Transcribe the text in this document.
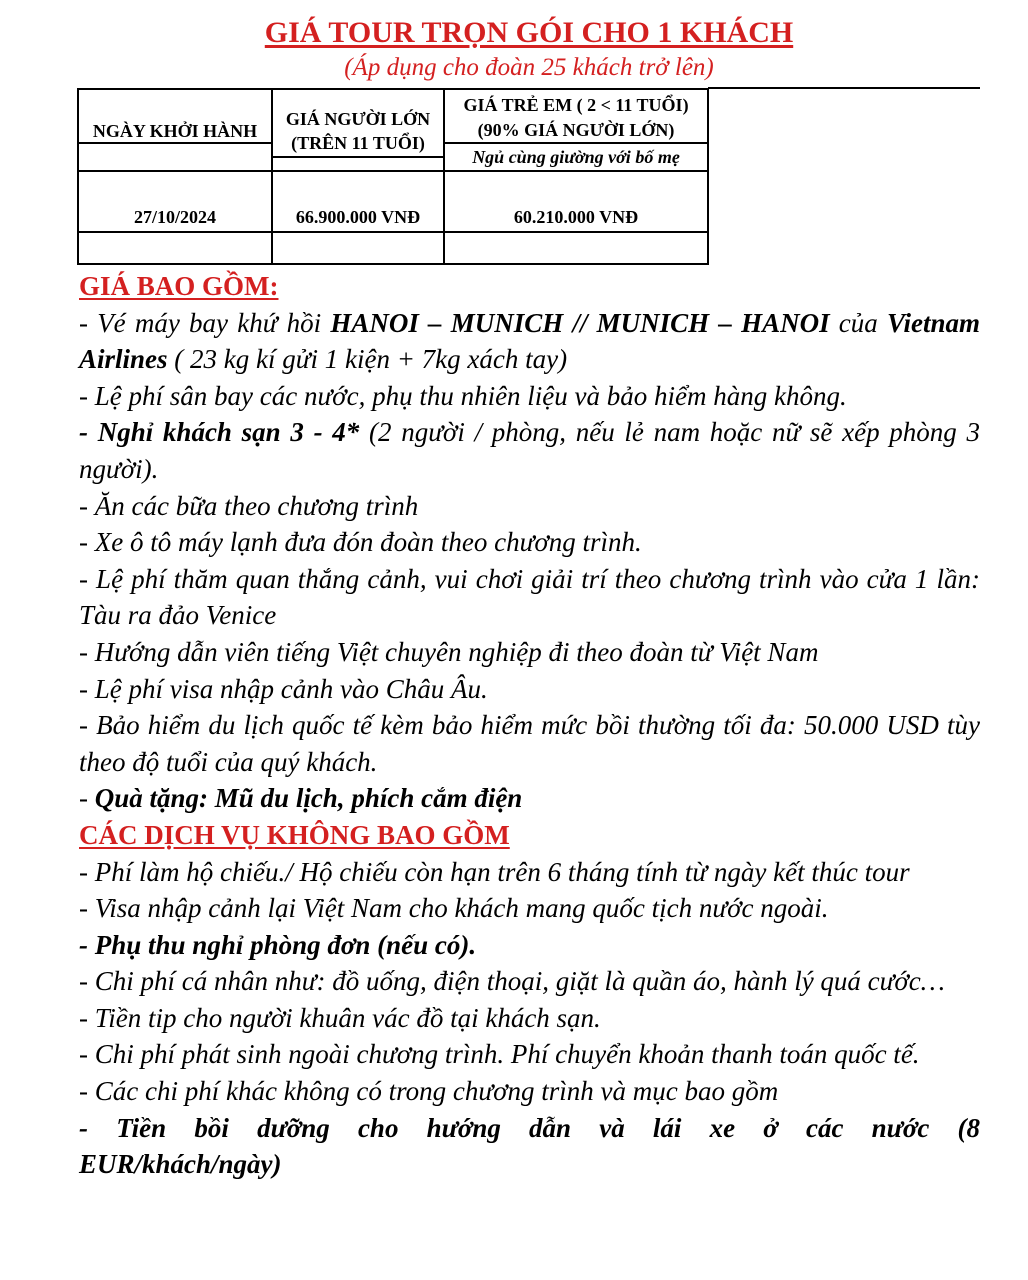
GIÁ TOUR TRỌN GÓI CHO 1 KHÁCH
(Áp dụng cho đoàn 25 khách trở lên)
NGÀY KHỞI HÀNH
GIÁ NGƯỜI LỚN
(TRÊN 11 TUỔI)
GIÁ TRẺ EM ( 2 < 11 TUỔI)
(90% GIÁ NGƯỜI LỚN)
Ngủ cùng giường với bố mẹ
27/10/2024	66.900.000 VNĐ	60.210.000 VNĐ
GIÁ BAO GỒM:

- Vé máy bay khứ hồi HANOI – MUNICH // MUNICH – HANOI của Vietnam Airlines ( 23 kg kí gửi 1 kiện + 7kg xách tay)

- Lệ phí sân bay các nước, phụ thu nhiên liệu và bảo hiểm hàng không.

- Nghỉ khách sạn 3 - 4* (2 người / phòng, nếu lẻ nam hoặc nữ sẽ xếp phòng 3 người).

- Ăn các bữa theo chương trình

- Xe ô tô máy lạnh đưa đón đoàn theo chương trình.

- Lệ phí thăm quan thắng cảnh, vui chơi giải trí theo chương trình vào cửa 1 lần: Tàu ra đảo Venice

- Hướng dẫn viên tiếng Việt chuyên nghiệp đi theo đoàn từ Việt Nam

- Lệ phí visa nhập cảnh vào Châu Âu.

- Bảo hiểm du lịch quốc tế kèm bảo hiểm mức bồi thường tối đa: 50.000 USD tùy theo độ tuổi của quý khách.

- Quà tặng: Mũ du lịch, phích cắm điện

CÁC DỊCH VỤ KHÔNG BAO GỒM

- Phí làm hộ chiếu./ Hộ chiếu còn hạn trên 6 tháng tính từ ngày kết thúc tour

- Visa nhập cảnh lại Việt Nam cho khách mang quốc tịch nước ngoài.

- Phụ thu nghỉ phòng đơn (nếu có).

- Chi phí cá nhân như: đồ uống, điện thoại, giặt là quần áo, hành lý quá cước…

- Tiền tip cho người khuân vác đồ tại khách sạn.

- Chi phí phát sinh ngoài chương trình. Phí chuyển khoản thanh toán quốc tế.

- Các chi phí khác không có trong chương trình và mục bao gồm

- Tiền bồi dưỡng cho hướng dẫn và lái xe ở các nước (8 EUR/khách/ngày)
